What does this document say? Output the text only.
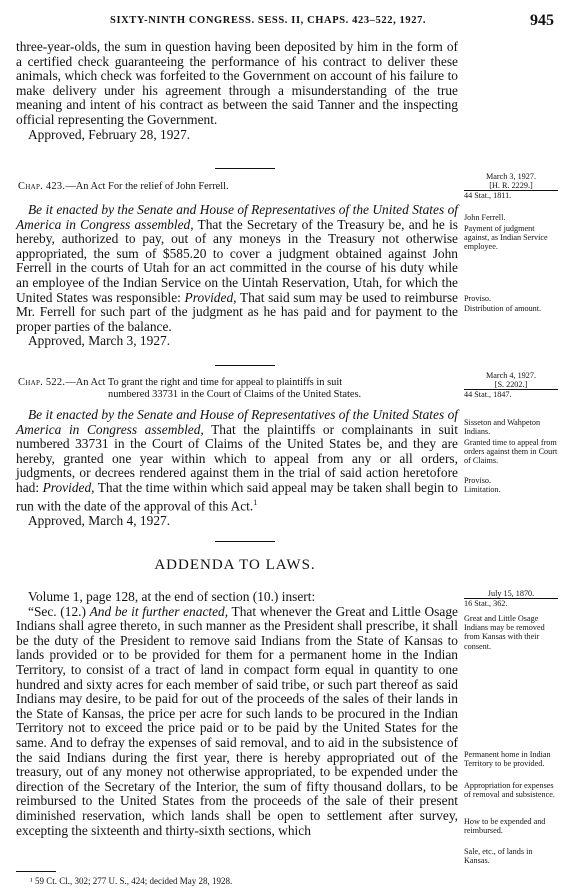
SIXTY-NINTH CONGRESS. SESS. II, CHAPS. 423–522, 1927.	945

three-year-olds, the sum in question having been deposited by him in the form of a certified check guaranteeing the performance of his contract to deliver these animals, which check was forfeited to the Government on account of his failure to make delivery under his agreement through a misunderstanding of the true meaning and intent of his contract as between the said Tanner and the inspecting official representing the Government.

Approved, February 28, 1927.

Chap. 423.—An Act For the relief of John Ferrell.
March 3, 1927.
[H. R. 2229.]
44 Stat., 1811.

Be it enacted by the Senate and House of Representatives of the United States of America in Congress assembled, That the Secretary of the Treasury be, and he is hereby, authorized to pay, out of any moneys in the Treasury not otherwise appropriated, the sum of $585.20 to cover a judgment obtained against John Ferrell in the courts of Utah for an act committed in the course of his duty while an employee of the Indian Service on the Uintah Reservation, Utah, for which the United States was responsible: Provided, That said sum may be used to reimburse Mr. Ferrell for such part of the judgment as he has paid and for payment to the proper parties of the balance.

Approved, March 3, 1927.

John Ferrell.
Payment of judgment against, as Indian Service employee.
Proviso.
Distribution of amount.
Chap. 522.—An Act To grant the right and time for appeal to plaintiffs in suit
numbered 33731 in the Court of Claims of the United States.
March 4, 1927.
[S. 2202.]
44 Stat., 1847.

Be it enacted by the Senate and House of Representatives of the United States of America in Congress assembled, That the plaintiffs or complainants in suit numbered 33731 in the Court of Claims of the United States be, and they are hereby, granted one year within which to appeal from any or all orders, judgments, or decrees rendered against them in the trial of said action heretofore had: Provided, That the time within which said appeal may be taken shall begin to run with the date of the approval of this Act.$^1$

Approved, March 4, 1927.

Sisseton and Wahpeton Indians.
Granted time to appeal from orders against them in Court of Claims.
Proviso.
Limitation.
ADDENDA TO LAWS.

Volume 1, page 128, at the end of section (10.) insert:

“Sec. (12.) And be it further enacted, That whenever the Great and Little Osage Indians shall agree thereto, in such manner as the President shall prescribe, it shall be the duty of the President to remove said Indians from the State of Kansas to lands provided or to be provided for them for a permanent home in the Indian Territory, to consist of a tract of land in compact form equal in quantity to one hundred and sixty acres for each member of said tribe, or such part thereof as said Indians may desire, to be paid for out of the proceeds of the sales of their lands in the State of Kansas, the price per acre for such lands to be procured in the Indian Territory not to exceed the price paid or to be paid by the United States for the same. And to defray the expenses of said removal, and to aid in the subsistence of the said Indians during the first year, there is hereby appropriated out of the treasury, out of any money not otherwise appropriated, to be expended under the direction of the Secretary of the Interior, the sum of fifty thousand dollars, to be reimbursed to the United States from the proceeds of the sale of their present diminished reservation, which lands shall be open to settlement after survey, excepting the sixteenth and thirty-sixth sections, which

July 15, 1870.
16 Stat., 362.
Great and Little Osage Indians may be removed from Kansas with their consent.
Permanent home in Indian Territory to be provided.
Appropriation for expenses of removal and subsistence.
How to be expended and reimbursed.
Sale, etc., of lands in Kansas.
¹ 59 Ct. Cl., 302; 277 U. S., 424; decided May 28, 1928.
